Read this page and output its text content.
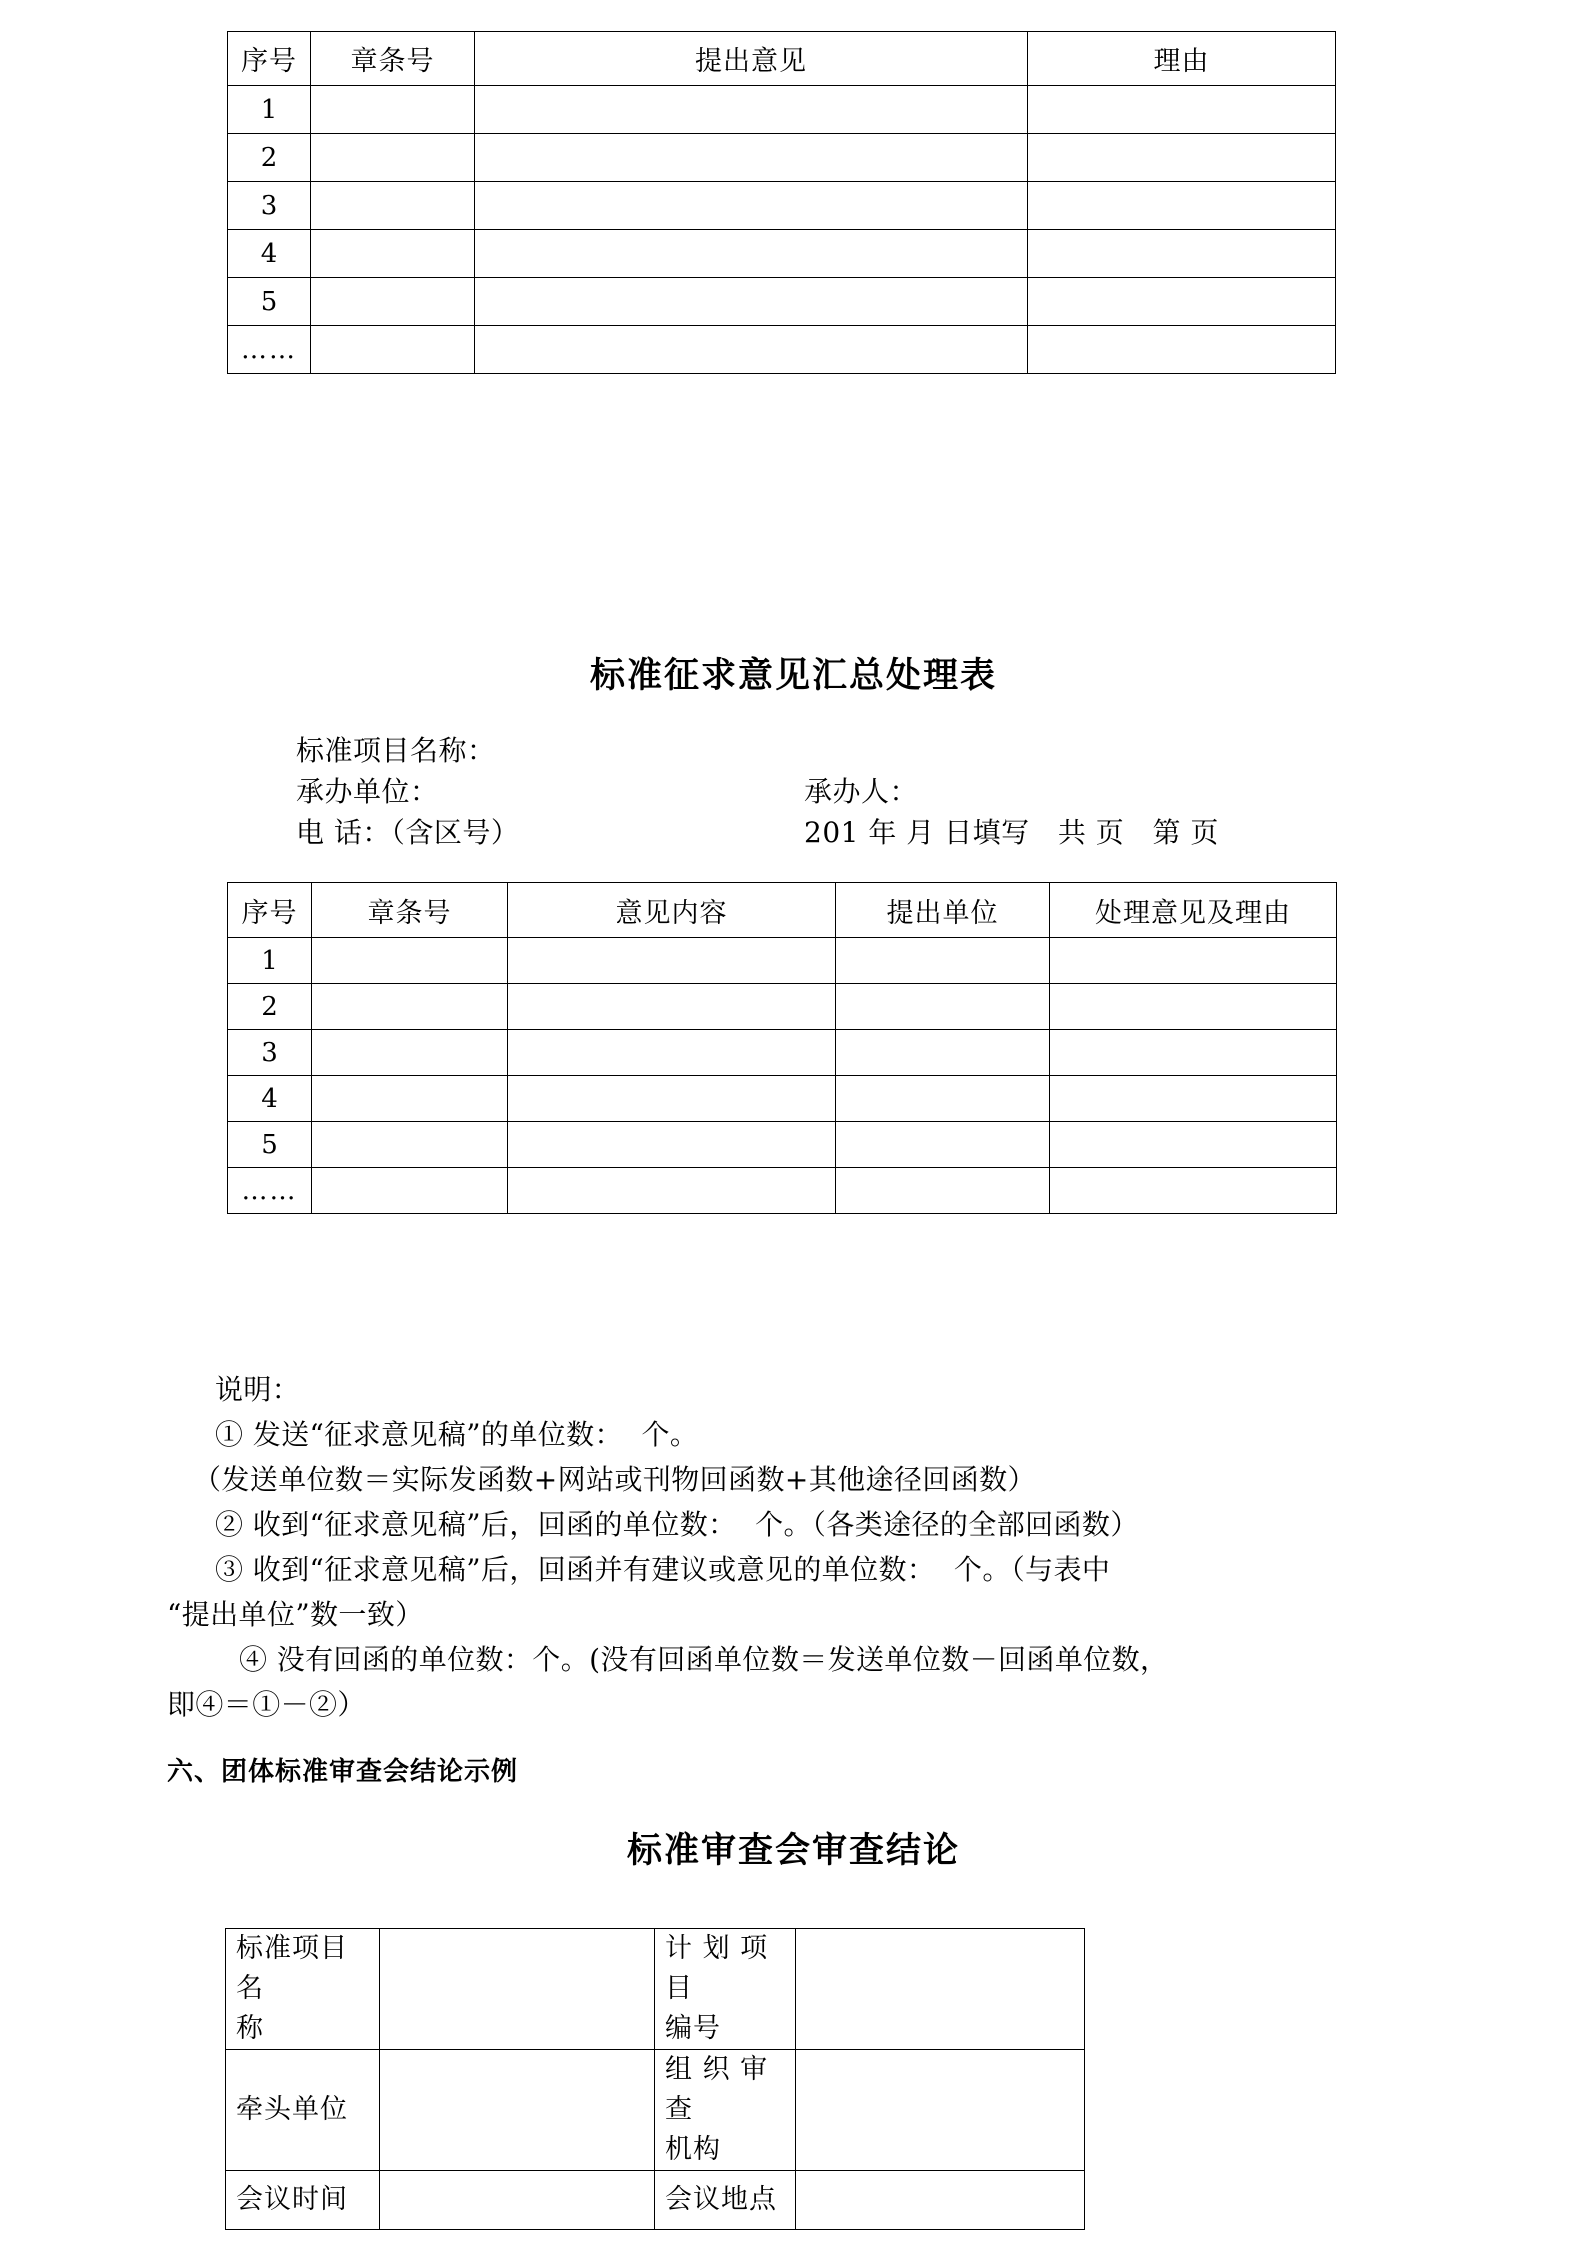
序号	章条号	提出意见	理由
1			
2			
3			
4			
5			
……			
标准征求意见汇总处理表
标准项目名称：
承办单位：	承办人：
电 话：（含区号）	201 年 月 日填写   共 页   第 页
序号	章条号	意见内容	提出单位	处理意见及理由
1				
2				
3				
4				
5				
……				

说明：

① 发送“征求意见稿”的单位数：  个。

（发送单位数＝实际发函数+网站或刊物回函数+其他途径回函数）

② 收到“征求意见稿”后，回函的单位数：  个。（各类途径的全部回函数）

③ 收到“征求意见稿”后，回函并有建议或意见的单位数：  个。（与表中

“提出单位”数一致）

④ 没有回函的单位数：个。(没有回函单位数＝发送单位数－回函单位数，

即④＝①－②）

六、团体标准审查会结论示例
标准审查会审查结论
标准项目名
称		计 划 项 目
编号	
牵头单位		组 织 审 查
机构	
会议时间		会议地点	
